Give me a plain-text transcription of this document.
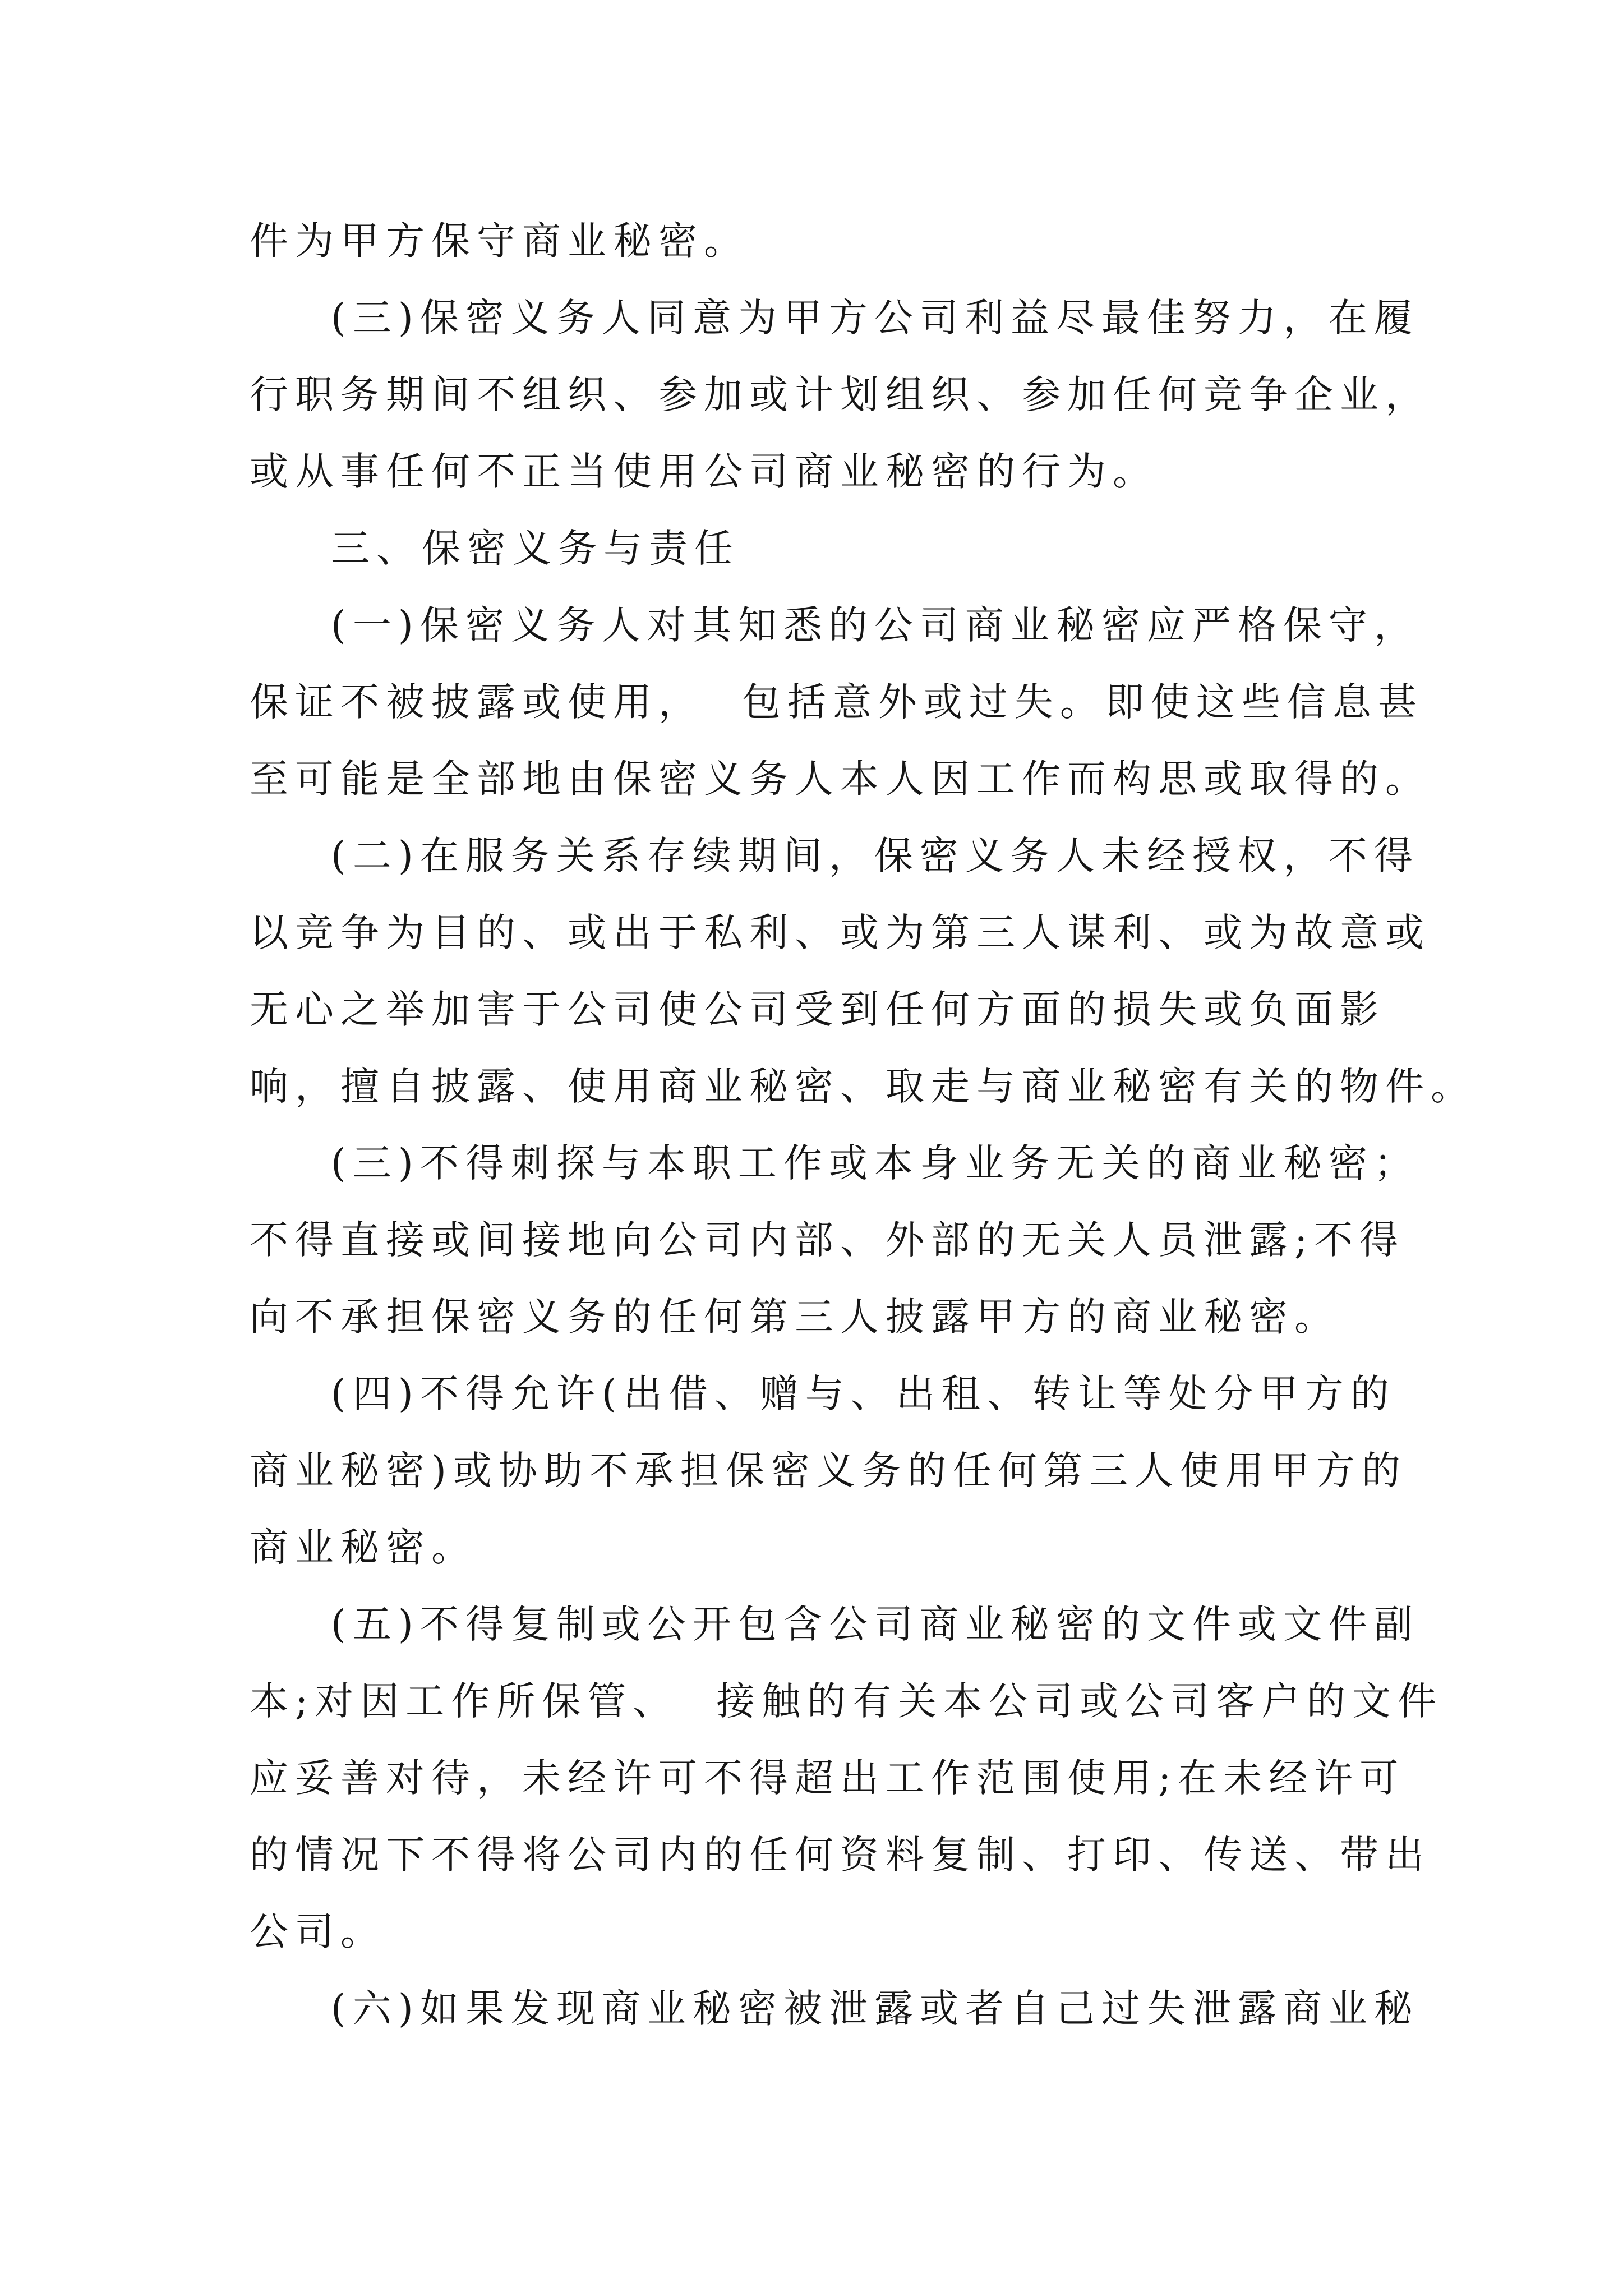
件为甲方保守商业秘密。
(三)保密义务人同意为甲方公司利益尽最佳努力，在履
行职务期间不组织、参加或计划组织、参加任何竞争企业，
或从事任何不正当使用公司商业秘密的行为。
三、保密义务与责任
(一)保密义务人对其知悉的公司商业秘密应严格保守，
保证不被披露或使用，  包括意外或过失。即使这些信息甚
至可能是全部地由保密义务人本人因工作而构思或取得的。
(二)在服务关系存续期间，保密义务人未经授权，不得
以竞争为目的、或出于私利、或为第三人谋利、或为故意或
无心之举加害于公司使公司受到任何方面的损失或负面影
响，擅自披露、使用商业秘密、取走与商业秘密有关的物件。
(三)不得刺探与本职工作或本身业务无关的商业秘密；
不得直接或间接地向公司内部、外部的无关人员泄露;不得
向不承担保密义务的任何第三人披露甲方的商业秘密。
(四)不得允许(出借、赠与、出租、转让等处分甲方的
商业秘密)或协助不承担保密义务的任何第三人使用甲方的
商业秘密。
(五)不得复制或公开包含公司商业秘密的文件或文件副
本;对因工作所保管、  接触的有关本公司或公司客户的文件
应妥善对待，未经许可不得超出工作范围使用;在未经许可
的情况下不得将公司内的任何资料复制、打印、传送、带出
公司。
(六)如果发现商业秘密被泄露或者自己过失泄露商业秘
